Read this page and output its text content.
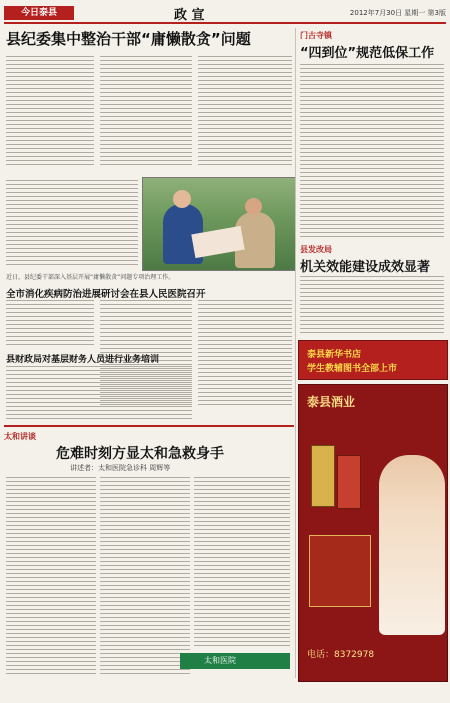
今日泰县	政 宣	2012年7月30日 星期一 第3版
县纪委集中整治干部“庸懒散贪”问题
近日，县纪委干部深入基层开展“庸懒散贪”问题专项治理工作。
门古寺镇
“四到位”规范低保工作
县发改局
机关效能建设成效显著
泰县新华书店
学生教辅图书全部上市
泰县酒业
电话：8372978
全市消化疾病防治进展研讨会在县人民医院召开
县财政局对基层财务人员进行业务培训
太和讲谈
危难时刻方显太和急救身手
讲述者：太和医院急诊科 周辉等
太和医院
